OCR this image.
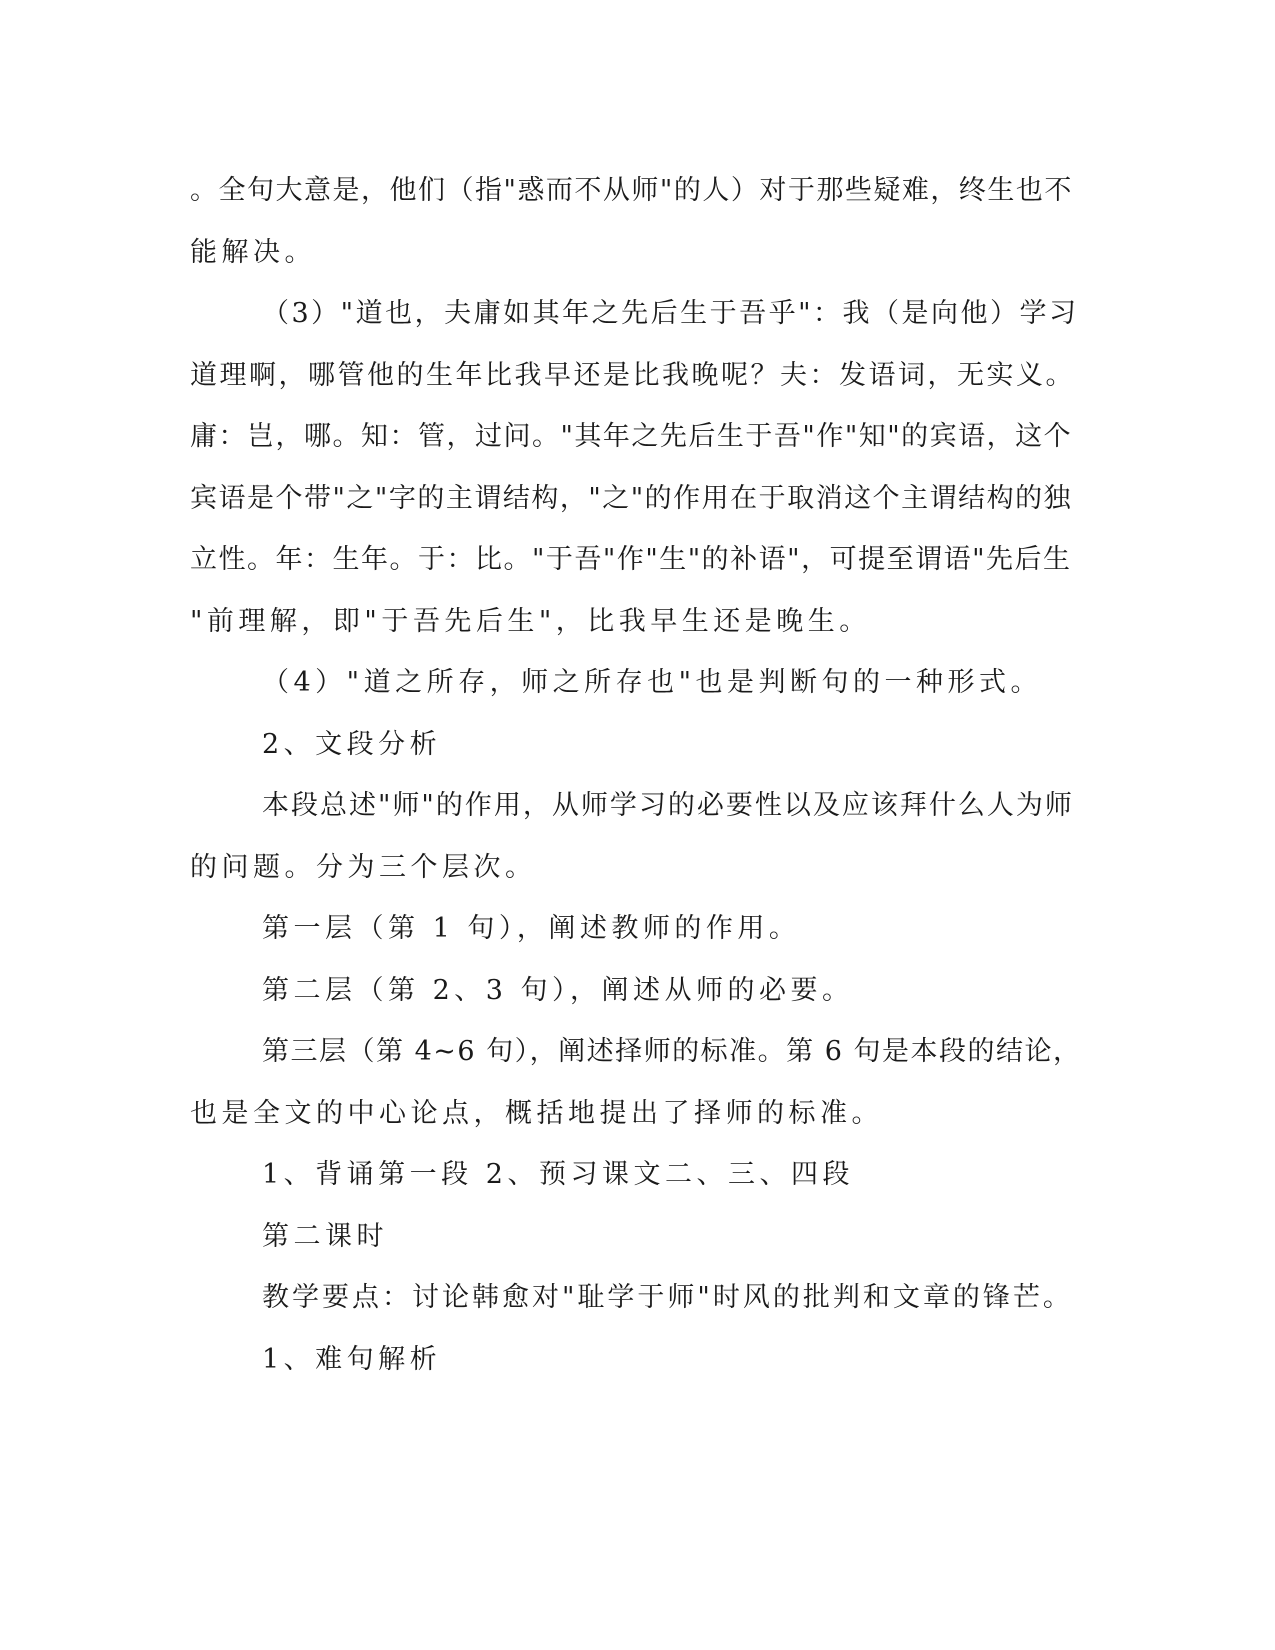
。全句大意是，他们（指"惑而不从师"的人）对于那些疑难，终生也不
能解决。
（3）"道也，夫庸如其年之先后生于吾乎"：我（是向他）学习
道理啊，哪管他的生年比我早还是比我晚呢？夫：发语词，无实义。
庸：岂，哪。知：管，过问。"其年之先后生于吾"作"知"的宾语，这个
宾语是个带"之"字的主谓结构，"之"的作用在于取消这个主谓结构的独
立性。年：生年。于：比。"于吾"作"生"的补语"，可提至谓语"先后生
"前理解，即"于吾先后生"，比我早生还是晚生。
（4）"道之所存，师之所存也"也是判断句的一种形式。
2、文段分析
本段总述"师"的作用，从师学习的必要性以及应该拜什么人为师
的问题。分为三个层次。
第一层（第 1 句），阐述教师的作用。
第二层（第 2、3 句），阐述从师的必要。
第三层（第 4~6 句），阐述择师的标准。第 6 句是本段的结论，
也是全文的中心论点，概括地提出了择师的标准。
1、背诵第一段 2、预习课文二、三、四段
第二课时
教学要点：讨论韩愈对"耻学于师"时风的批判和文章的锋芒。
1、难句解析
